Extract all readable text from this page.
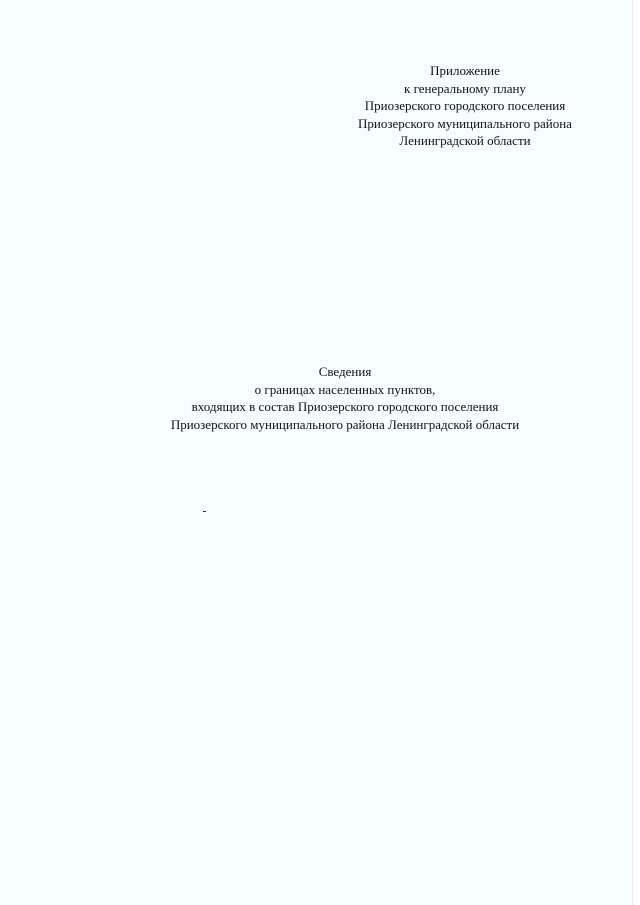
Приложение
к генеральному плану
Приозерского городского поселения
Приозерского муниципального района
Ленинградской области
Сведения
о границах населенных пунктов,
входящих в состав Приозерского городского поселения
Приозерского муниципального района Ленинградской области
